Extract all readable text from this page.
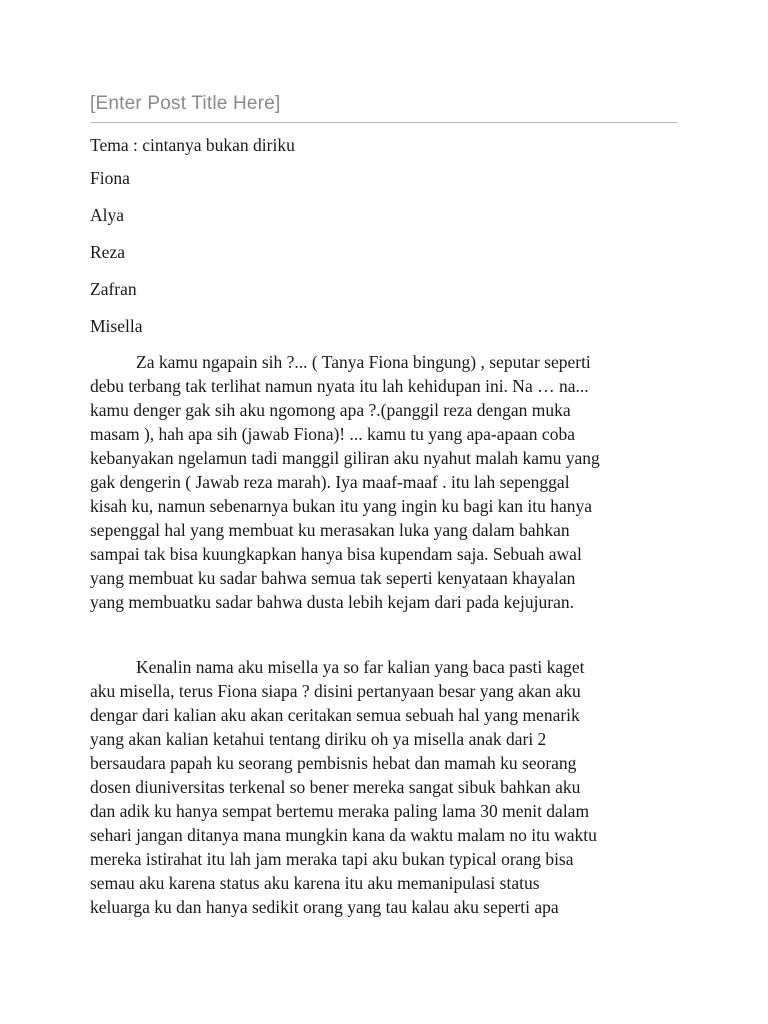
[Enter Post Title Here]
Tema : cintanya bukan diriku
Fiona
Alya
Reza
Zafran
Misella
Za kamu ngapain sih ?... ( Tanya Fiona bingung) , seputar seperti
debu terbang tak terlihat namun nyata itu lah kehidupan ini. Na … na...
kamu denger gak sih aku ngomong apa ?.(panggil reza dengan muka
masam ), hah apa sih (jawab Fiona)! ... kamu tu yang apa-apaan coba
kebanyakan ngelamun tadi manggil giliran aku nyahut malah kamu yang
gak dengerin ( Jawab reza marah). Iya maaf-maaf . itu lah sepenggal
kisah ku, namun sebenarnya bukan itu yang ingin ku bagi kan itu hanya
sepenggal hal yang membuat ku merasakan luka yang dalam bahkan
sampai tak bisa kuungkapkan hanya bisa kupendam saja. Sebuah awal
yang membuat ku sadar bahwa semua tak seperti kenyataan khayalan
yang membuatku sadar bahwa dusta lebih kejam dari pada kejujuran.
Kenalin nama aku misella ya so far kalian yang baca pasti kaget
aku misella, terus Fiona siapa ? disini pertanyaan besar yang akan aku
dengar dari kalian aku akan ceritakan semua sebuah hal yang menarik
yang akan kalian ketahui tentang diriku oh ya misella anak dari 2
bersaudara papah ku seorang pembisnis hebat dan mamah ku seorang
dosen diuniversitas terkenal so bener mereka sangat sibuk bahkan aku
dan adik ku hanya sempat bertemu meraka paling lama 30 menit dalam
sehari jangan ditanya mana mungkin kana da waktu malam no itu waktu
mereka istirahat itu lah jam meraka tapi aku bukan typical orang bisa
semau aku karena status aku karena itu aku memanipulasi status
keluarga ku dan hanya sedikit orang yang tau kalau aku seperti apa
